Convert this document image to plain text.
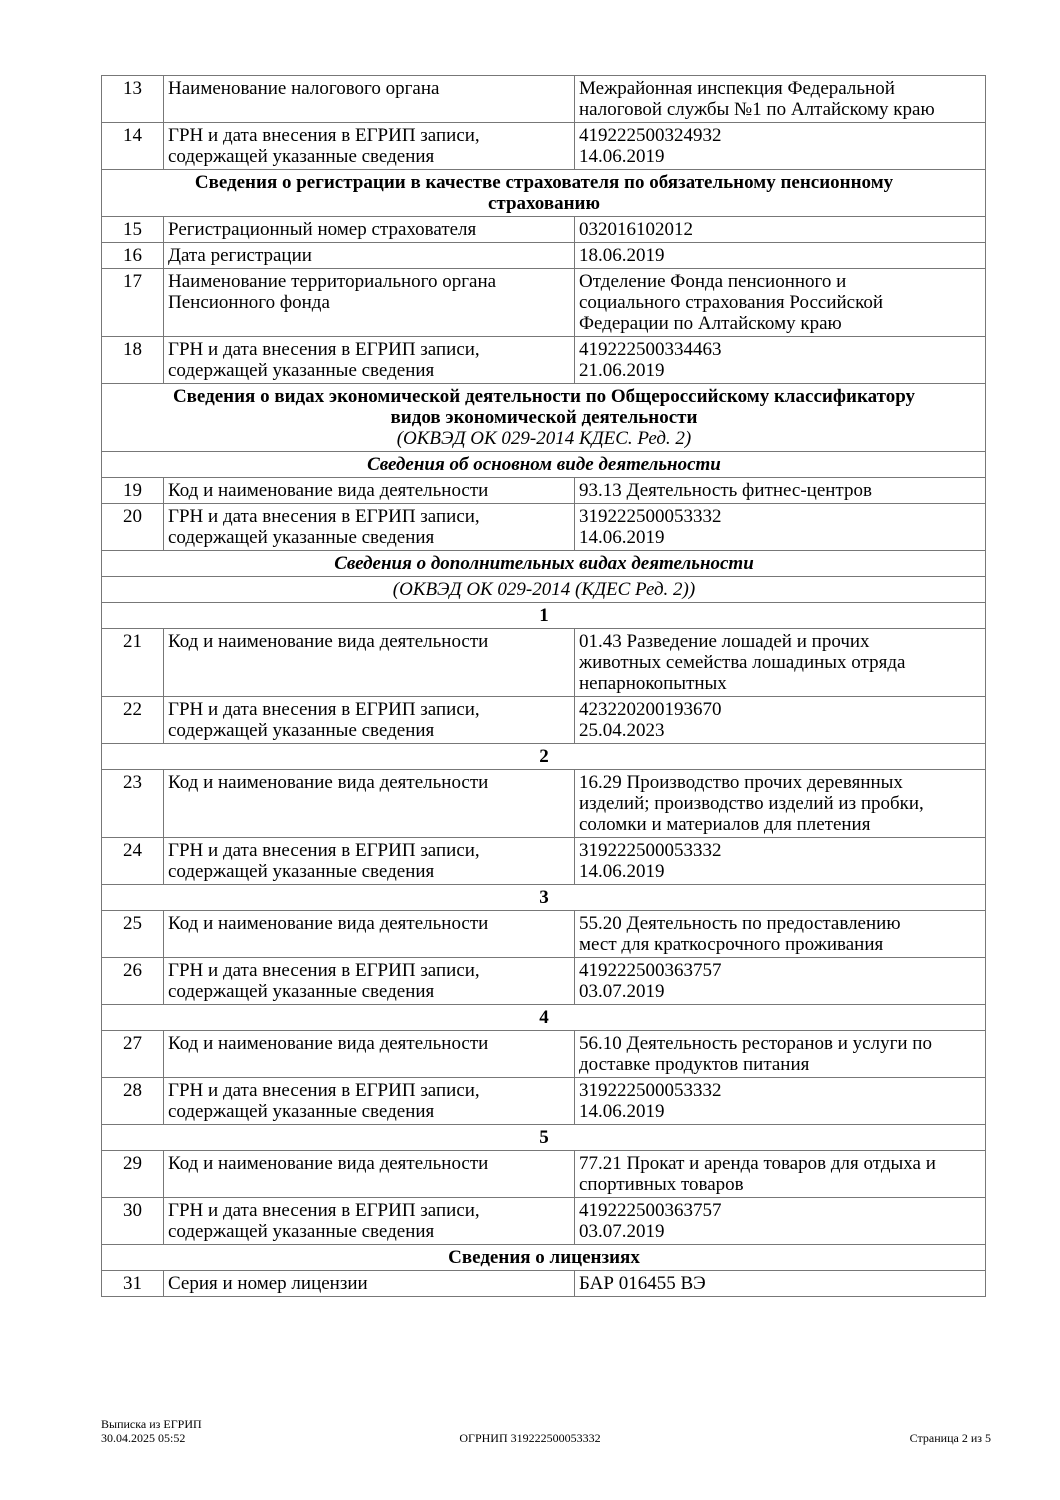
13	Наименование налогового органа	Межрайонная инспекция Федеральной
налоговой службы №1 по Алтайскому краю
14	ГРН и дата внесения в ЕГРИП записи,
содержащей указанные сведения	419222500324932
14.06.2019
Сведения о регистрации в качестве страхователя по обязательному пенсионному
страхованию		
15	Регистрационный номер страхователя	032016102012
16	Дата регистрации	18.06.2019
17	Наименование территориального органа
Пенсионного фонда	Отделение Фонда пенсионного и
социального страхования Российской
Федерации по Алтайскому краю
18	ГРН и дата внесения в ЕГРИП записи,
содержащей указанные сведения	419222500334463
21.06.2019
Сведения о видах экономической деятельности по Общероссийскому классификатору
видов экономической деятельности
(ОКВЭД ОК 029-2014 КДЕС. Ред. 2)		

Сведения об основном виде деятельности		
19	Код и наименование вида деятельности	93.13 Деятельность фитнес-центров
20	ГРН и дата внесения в ЕГРИП записи,
содержащей указанные сведения	319222500053332
14.06.2019
Сведения о дополнительных видах деятельности		
(ОКВЭД ОК 029-2014 (КДЕС Ред. 2))		
1		
21	Код и наименование вида деятельности	01.43 Разведение лошадей и прочих
животных семейства лошадиных отряда
непарнокопытных
22	ГРН и дата внесения в ЕГРИП записи,
содержащей указанные сведения	423220200193670
25.04.2023
2		
23	Код и наименование вида деятельности	16.29 Производство прочих деревянных
изделий; производство изделий из пробки,
соломки и материалов для плетения
24	ГРН и дата внесения в ЕГРИП записи,
содержащей указанные сведения	319222500053332
14.06.2019
3		
25	Код и наименование вида деятельности	55.20 Деятельность по предоставлению
мест для краткосрочного проживания
26	ГРН и дата внесения в ЕГРИП записи,
содержащей указанные сведения	419222500363757
03.07.2019
4		
27	Код и наименование вида деятельности	56.10 Деятельность ресторанов и услуги по
доставке продуктов питания
28	ГРН и дата внесения в ЕГРИП записи,
содержащей указанные сведения	319222500053332
14.06.2019
5		
29	Код и наименование вида деятельности	77.21 Прокат и аренда товаров для отдыха и
спортивных товаров
30	ГРН и дата внесения в ЕГРИП записи,
содержащей указанные сведения	419222500363757
03.07.2019
Сведения о лицензиях		
31	Серия и номер лицензии	БАР 016455 ВЭ
Выписка из ЕГРИП
30.04.2025 05:52	ОГРНИП 319222500053332	Страница 2 из 5
